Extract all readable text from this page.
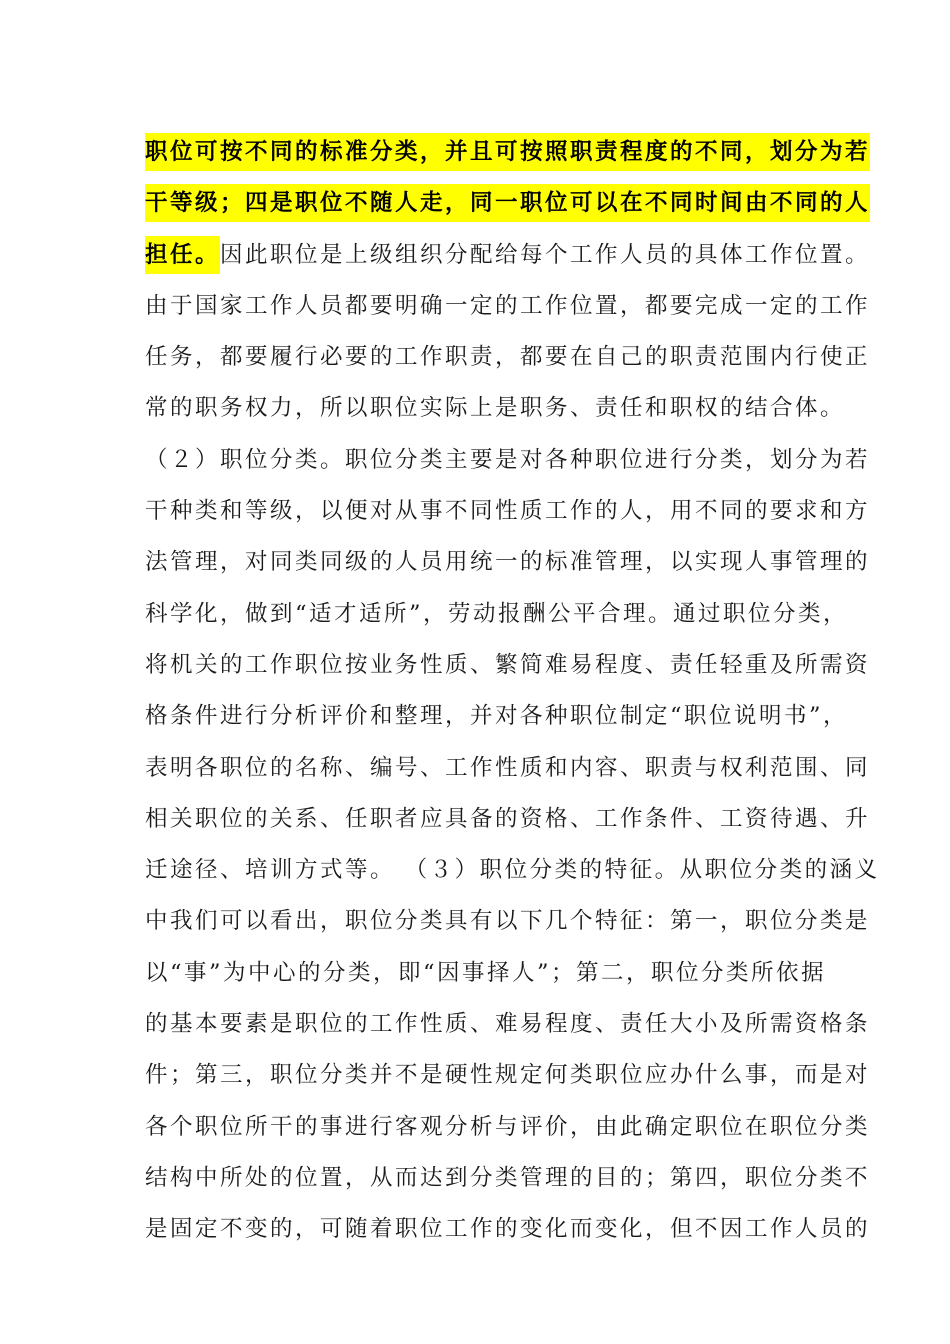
职位可按不同的标准分类，并且可按照职责程度的不同，划分为若
干等级；四是职位不随人走，同一职位可以在不同时间由不同的人
担任。因此职位是上级组织分配给每个工作人员的具体工作位置。
由于国家工作人员都要明确一定的工作位置，都要完成一定的工作
任务，都要履行必要的工作职责，都要在自己的职责范围内行使正
常的职务权力，所以职位实际上是职务、责任和职权的结合体。
（２）职位分类。职位分类主要是对各种职位进行分类，划分为若
干种类和等级，以便对从事不同性质工作的人，用不同的要求和方
法管理，对同类同级的人员用统一的标准管理，以实现人事管理的
科学化，做到“适才适所”，劳动报酬公平合理。通过职位分类，
将机关的工作职位按业务性质、繁简难易程度、责任轻重及所需资
格条件进行分析评价和整理，并对各种职位制定“职位说明书”，
表明各职位的名称、编号、工作性质和内容、职责与权利范围、同
相关职位的关系、任职者应具备的资格、工作条件、工资待遇、升
迁途径、培训方式等。 （３）职位分类的特征。从职位分类的涵义
中我们可以看出，职位分类具有以下几个特征：第一，职位分类是
以“事”为中心的分类，即“因事择人”；第二，职位分类所依据
的基本要素是职位的工作性质、难易程度、责任大小及所需资格条
件；第三，职位分类并不是硬性规定何类职位应办什么事，而是对
各个职位所干的事进行客观分析与评价，由此确定职位在职位分类
结构中所处的位置，从而达到分类管理的目的；第四，职位分类不
是固定不变的，可随着职位工作的变化而变化，但不因工作人员的
